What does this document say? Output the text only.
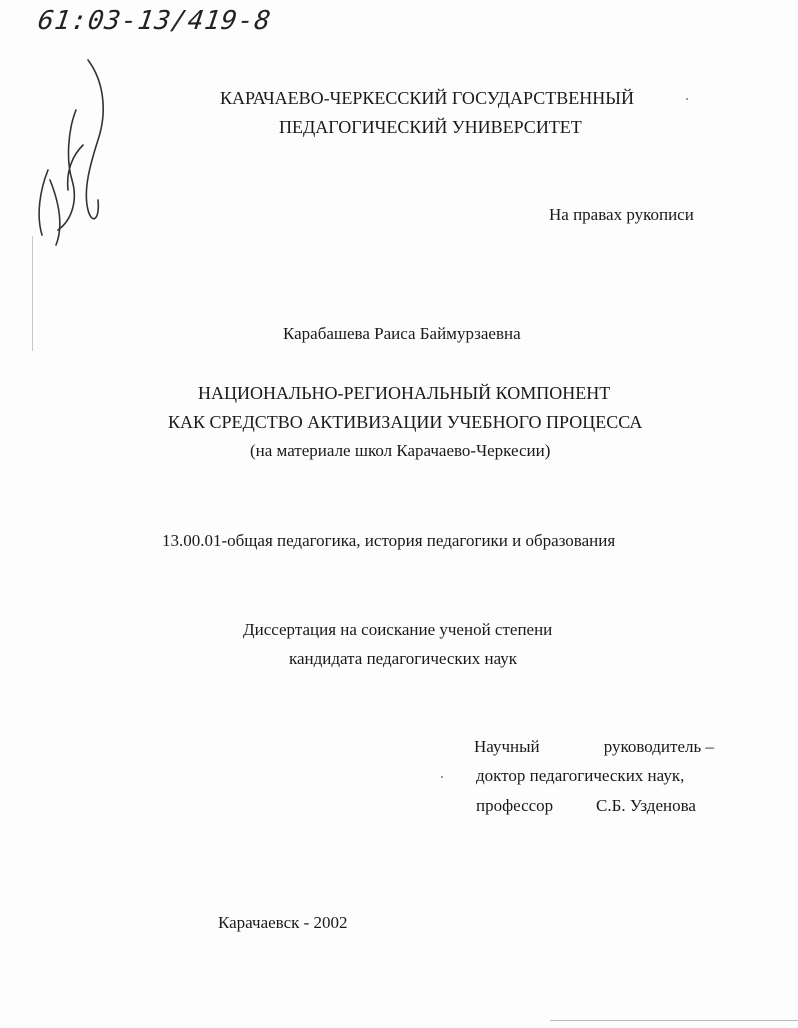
61:03-13/419-8
КАРАЧАЕВО-ЧЕРКЕССКИЙ ГОСУДАРСТВЕННЫЙ
ПЕДАГОГИЧЕСКИЙ УНИВЕРСИТЕТ
На правах рукописи
Карабашева Раиса Баймурзаевна
НАЦИОНАЛЬНО-РЕГИОНАЛЬНЫЙ КОМПОНЕНТ
КАК СРЕДСТВО АКТИВИЗАЦИИ УЧЕБНОГО ПРОЦЕССА
(на материале школ Карачаево-Черкесии)
13.00.01-общая педагогика, история педагогики и образования
Диссертация на соискание ученой степени
кандидата педагогических наук
Научный	руководитель –
доктор педагогических наук,
профессор	С.Б. Узденова
Карачаевск - 2002
